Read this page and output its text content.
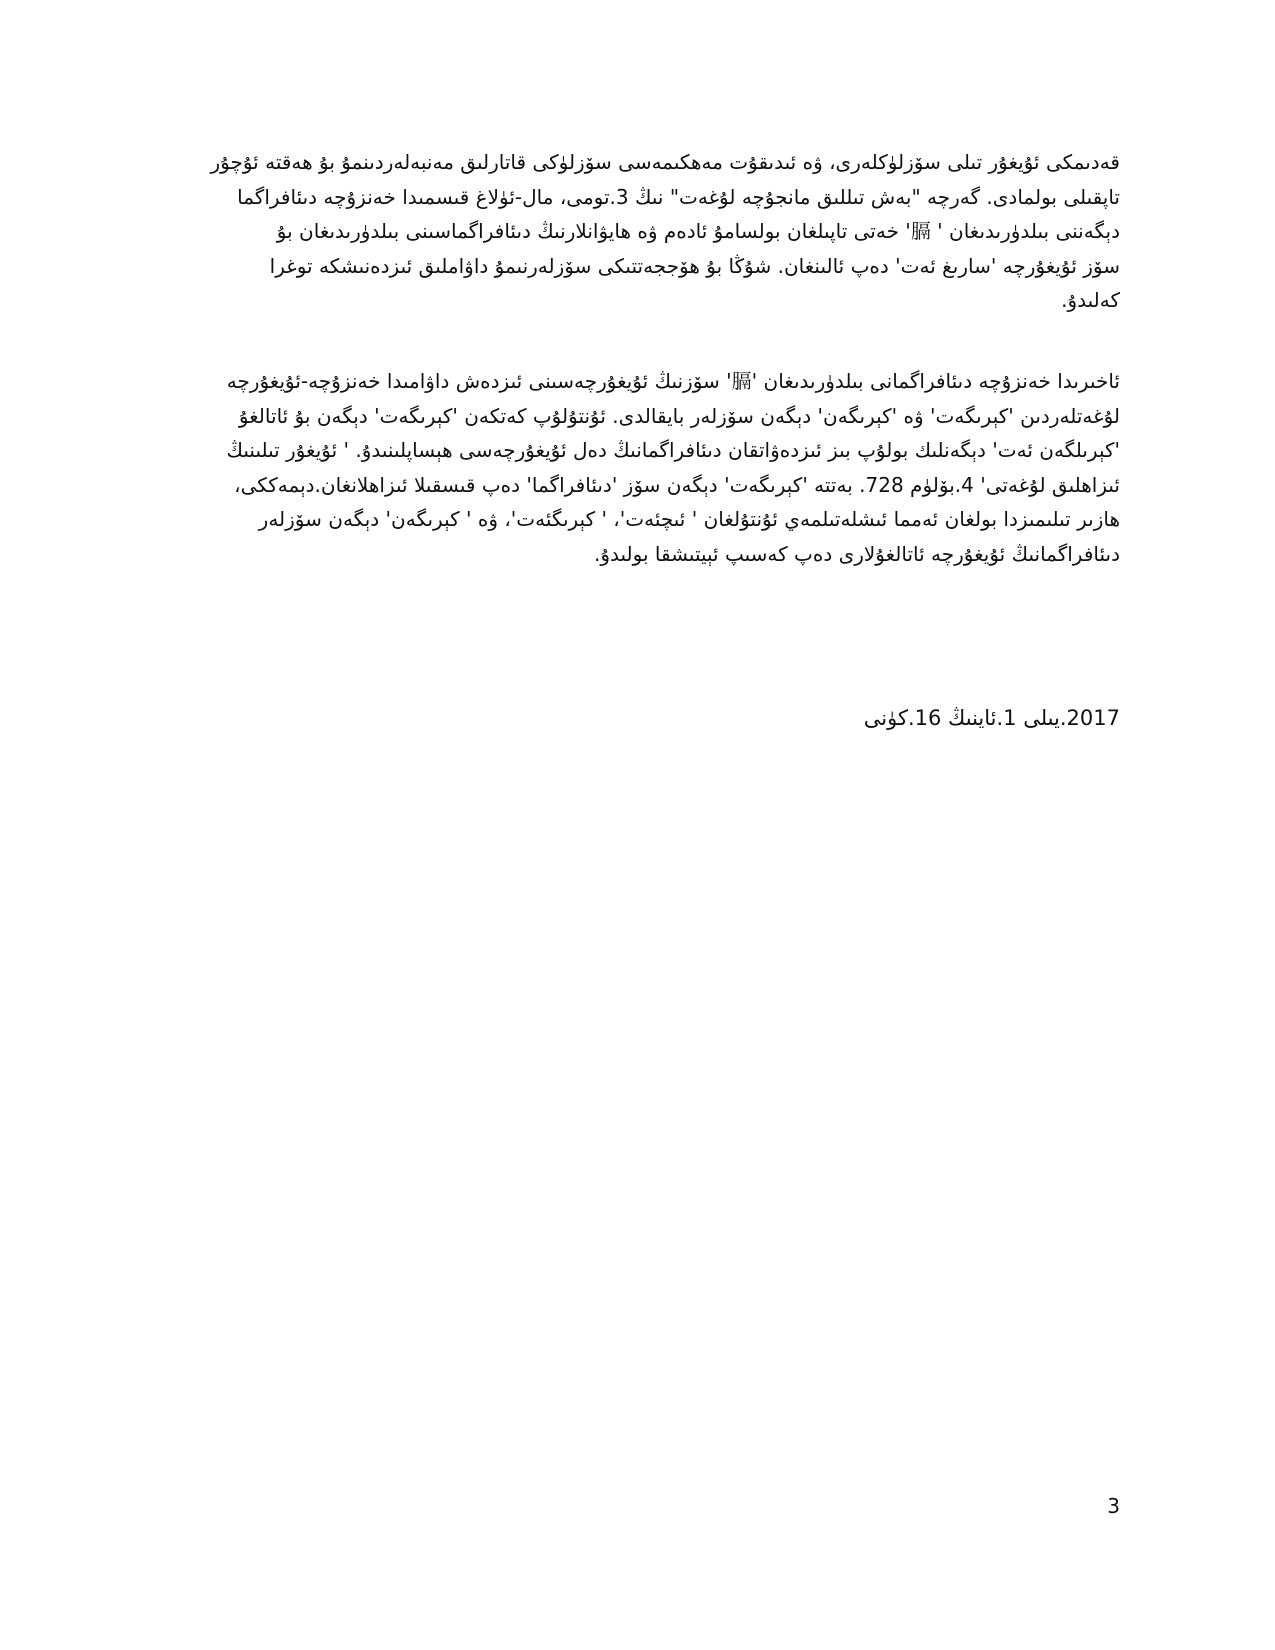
قەدىمكى ئۇيغۇر تىلى سۆزلۈكلەرى، ۋە ئىدىقۇت مەھكىمەسى سۆزلۈكى قاتارلىق مەنبەلەردىنمۇ بۇ ھەقتە ئۇچۇر
تاپقىلى بولمادى. گەرچە "بەش تىللىق مانجۇچە لۇغەت" نىڭ 3.تومى، مال-ئۈلاغ قىسمىدا خەنزۇچە دىئافراگما
دېگەننى بىلدۈرىدىغان ' 膈' خەتى تاپىلغان بولسامۇ ئادەم ۋە ھايۋانلارنىڭ دىئافراگماسىنى بىلدۈرىدىغان بۇ
سۆز ئۇيغۇرچە 'سارىغ ئەت' دەپ ئالىنغان. شۇڭا بۇ ھۆججەتتىكى سۆزلەرنىمۇ داۋاملىق ئىزدەنىشكە توغرا
كەلىدۇ.
ئاخىرىدا خەنزۇچە دىئافراگمانى بىلدۈرىدىغان '膈' سۆزنىڭ ئۇيغۇرچەسىنى ئىزدەش داۋامىدا خەنزۇچە-ئۇيغۇرچە
لۇغەتلەردىن 'كېرىگەت' ۋە 'كېرىگەن' دېگەن سۆزلەر بايقالدى. ئۇنتۇلۇپ كەتكەن 'كېرىگەت' دېگەن بۇ ئاتالغۇ
'كېرىلگەن ئەت' دېگەنلىك بولۇپ بىز ئىزدەۋاتقان دىئافراگمانىڭ دەل ئۇيغۇرچەسى ھېساپلىنىدۇ. ' ئۇيغۇر تىلىنىڭ
ئىزاھلىق لۇغەتى' 4.بۆلۈم 728. بەتتە 'كېرىگەت' دېگەن سۆز 'دىئافراگما' دەپ قىسقىلا ئىزاھلانغان.دېمەككى،
ھازىر تىلىمىزدا بولغان ئەمما ئىشلەتىلمەي ئۇنتۇلغان ' ئىچئەت'، ' كېرىگئەت'، ۋە ' كېرىگەن' دېگەن سۆزلەر
دىئافراگمانىڭ ئۇيغۇرچە ئاتالغۇلارى دەپ كەسىپ ئېيتىشقا بولىدۇ.
2017.يىلى 1.ئاينىڭ 16.كۈنى
3
